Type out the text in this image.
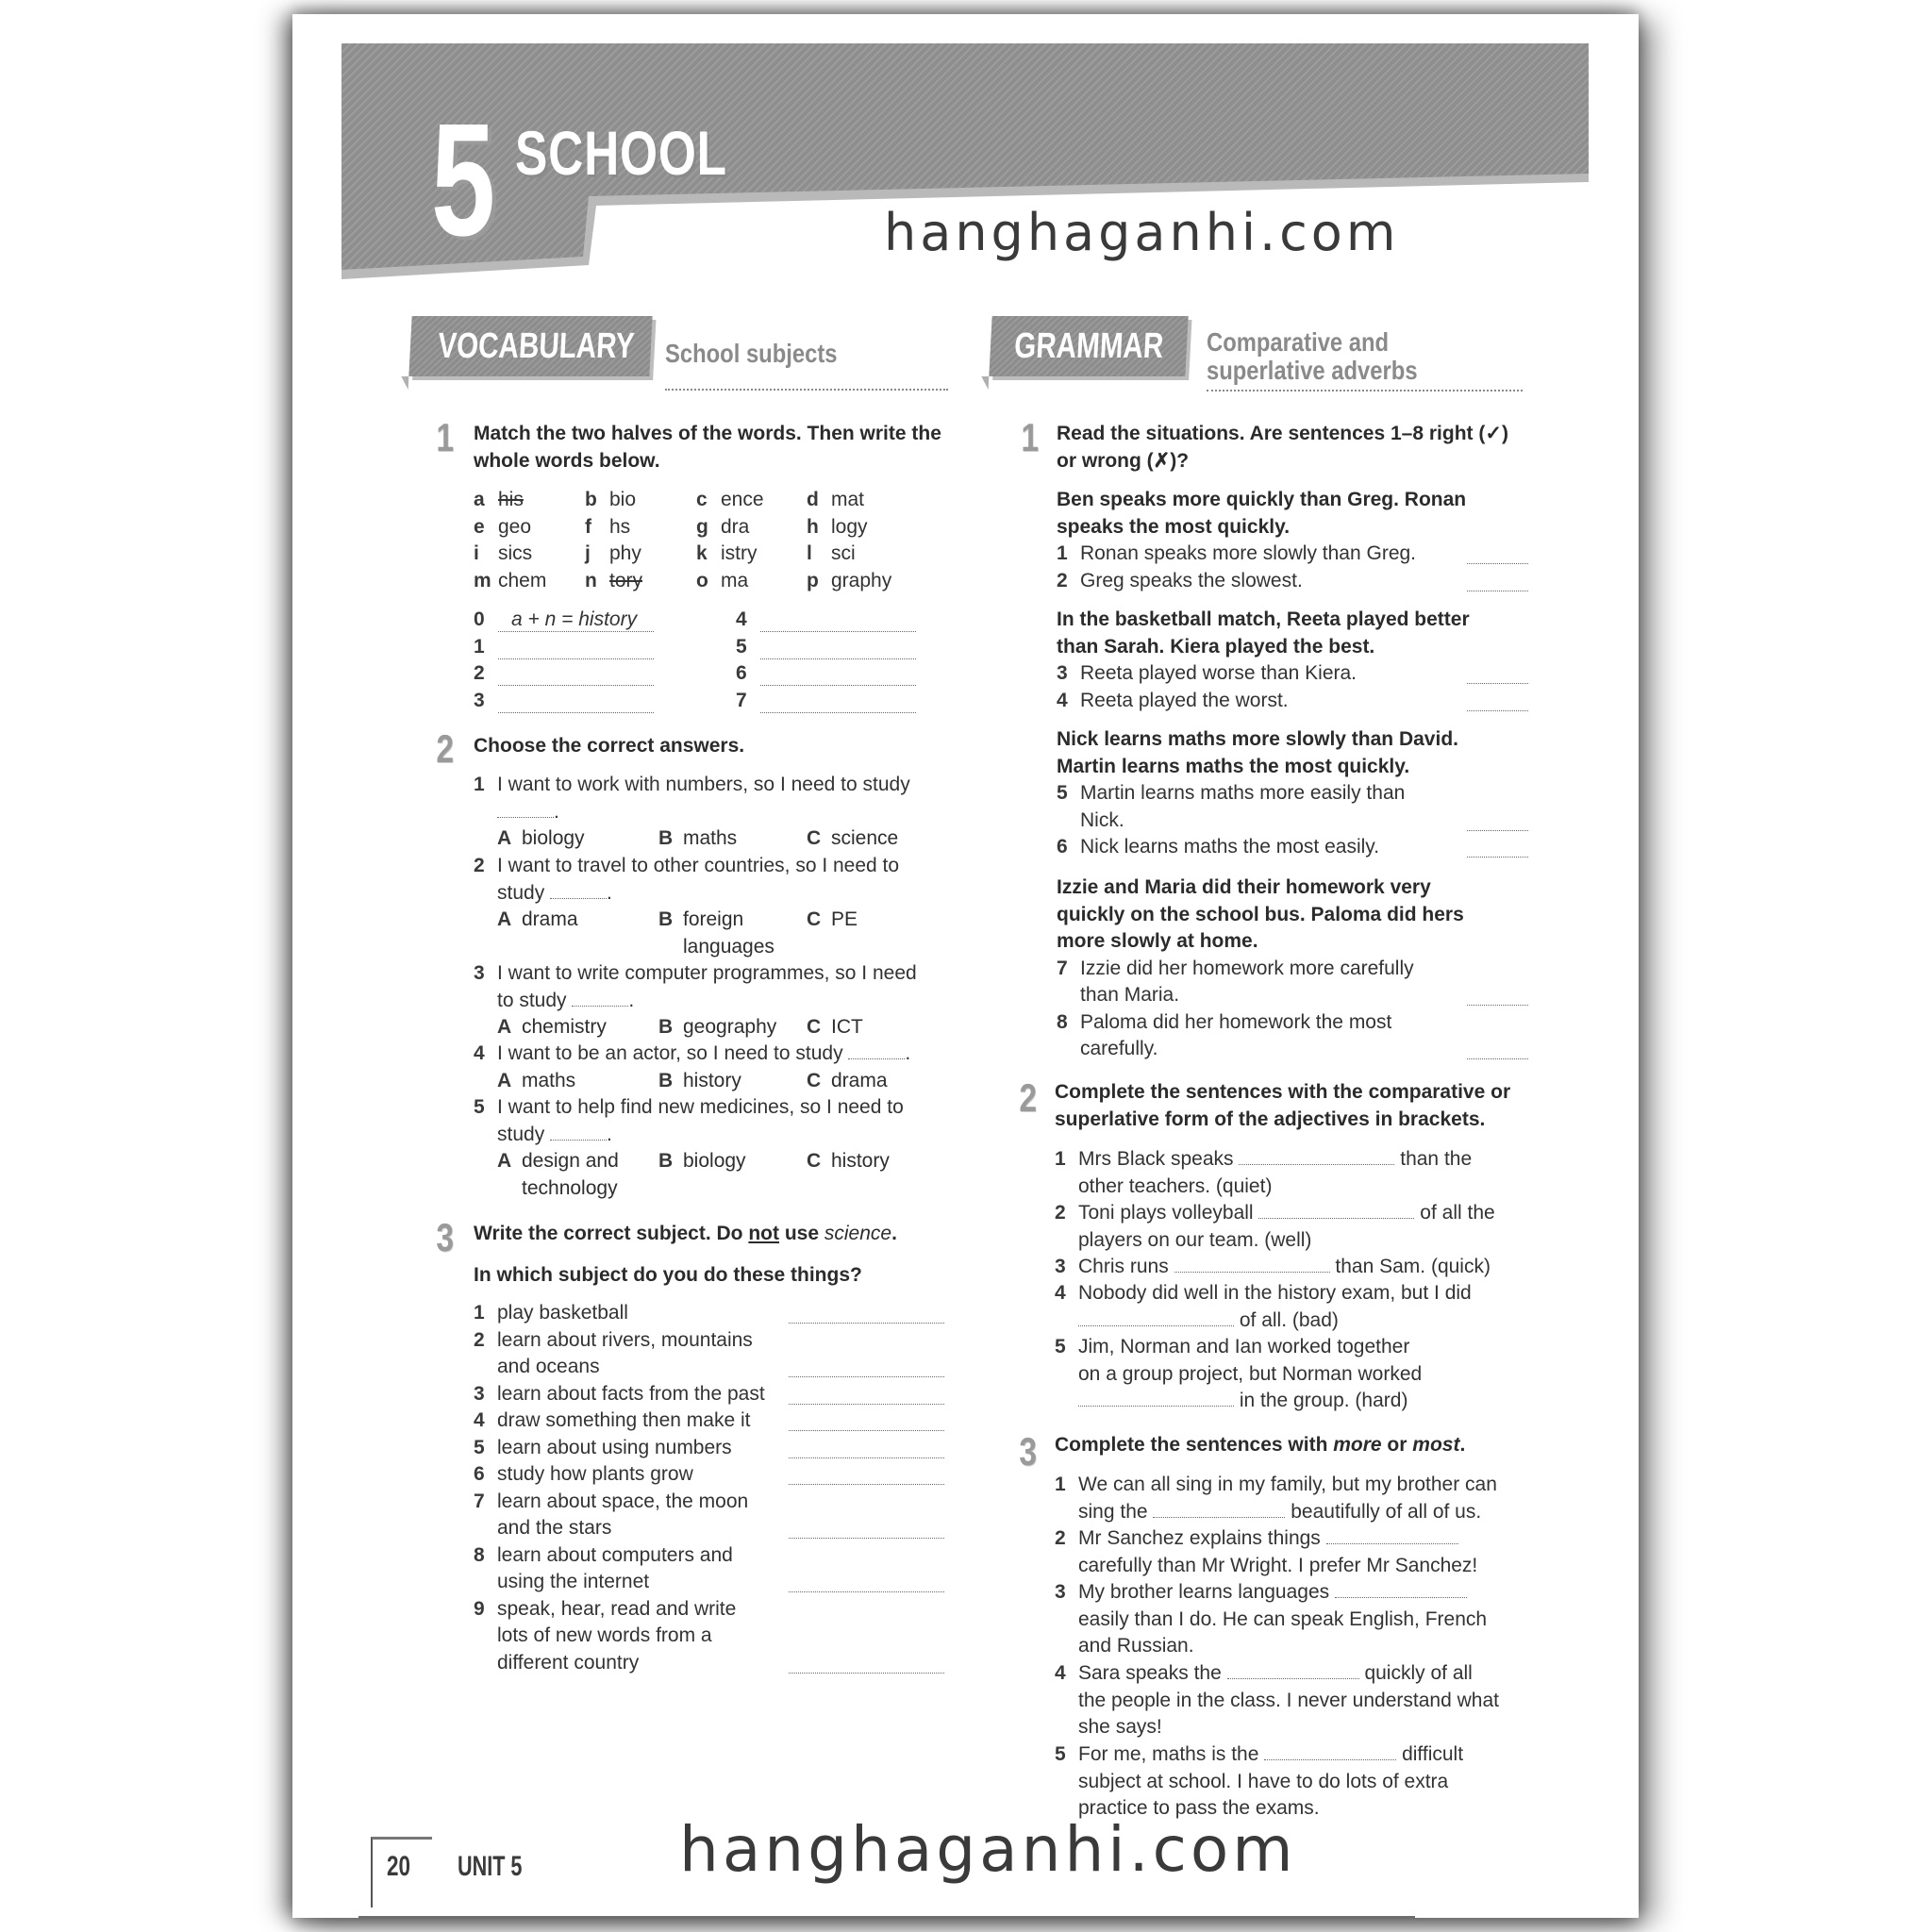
5 SCHOOL
hanghaganhi.com
VOCABULARY	School subjects	GRAMMAR	Comparative and superlative adverbs
1 Match the two halves of the words. Then write the whole words below.
2 Choose the correct answers.
3 Write the correct subject. Do not use science.
In which subject do you do these things?
1 Read the situations. Are sentences 1–8 right (✓) or wrong (✗)?
2 Complete the sentences with the comparative or superlative form of the adjectives in brackets.
3 Complete the sentences with more or most.
20 UNIT 5
a his	b bio	c ence d mat
e geo	f hs	g dra	h logy
i sics	j phy	k istry	l sci
m chem n tory	o ma	p graphy
0	a + n = history
1
2
3
4
5
6
7
1 I want to work with numbers, so I need to study
.
A biology	B maths	C science
2 I want to travel to other countries, so I need to
study	.
A drama	B foreign
languages
C PE
3 I want to write computer programmes, so I need
to study	.
A chemistry	B geography C ICT
4 I want to be an actor, so I need to study	.
A maths	B history	C drama
5 I want to help find new medicines, so I need to
study	.
A design and
technology
B biology	C history
1 play basketball
2 learn about rivers, mountains
and oceans
3 learn about facts from the past
4 draw something then make it
5 learn about using numbers
6 study how plants grow
7 learn about space, the moon
and the stars
8 learn about computers and
using the internet
9 speak, hear, read and write
lots of new words from a
different country
Ben speaks more quickly than Greg. Ronan speaks the most quickly.
1 Ronan speaks more slowly than Greg.
2 Greg speaks the slowest.
In the basketball match, Reeta played better than Sarah. Kiera played the best.
3 Reeta played worse than Kiera.
4 Reeta played the worst.
Nick learns maths more slowly than David. Martin learns maths the most quickly.
5 Martin learns maths more easily than Nick.
6 Nick learns maths the most easily.
Izzie and Maria did their homework very quickly on the school bus. Paloma did hers more slowly at home.
7 Izzie did her homework more carefully than Maria.
8 Paloma did her homework the most carefully.
1 Mrs Black speaks	than the
other teachers. (quiet)
2 Toni plays volleyball	of all the
players on our team. (well)
3 Chris runs	than Sam. (quick)
4 Nobody did well in the history exam, but I did
of all. (bad)
5 Jim, Norman and Ian worked together
on a group project, but Norman worked
in the group. (hard)
1 We can all sing in my family, but my brother can
sing the	beautifully of all of us.
2 Mr Sanchez explains things
carefully than Mr Wright. I prefer Mr Sanchez!
3 My brother learns languages
easily than I do. He can speak English, French
and Russian.
4 Sara speaks the	quickly of all
the people in the class. I never understand what
she says!
5 For me, maths is the	difficult
subject at school. I have to do lots of extra
practice to pass the exams.
hanghaganhi.com
